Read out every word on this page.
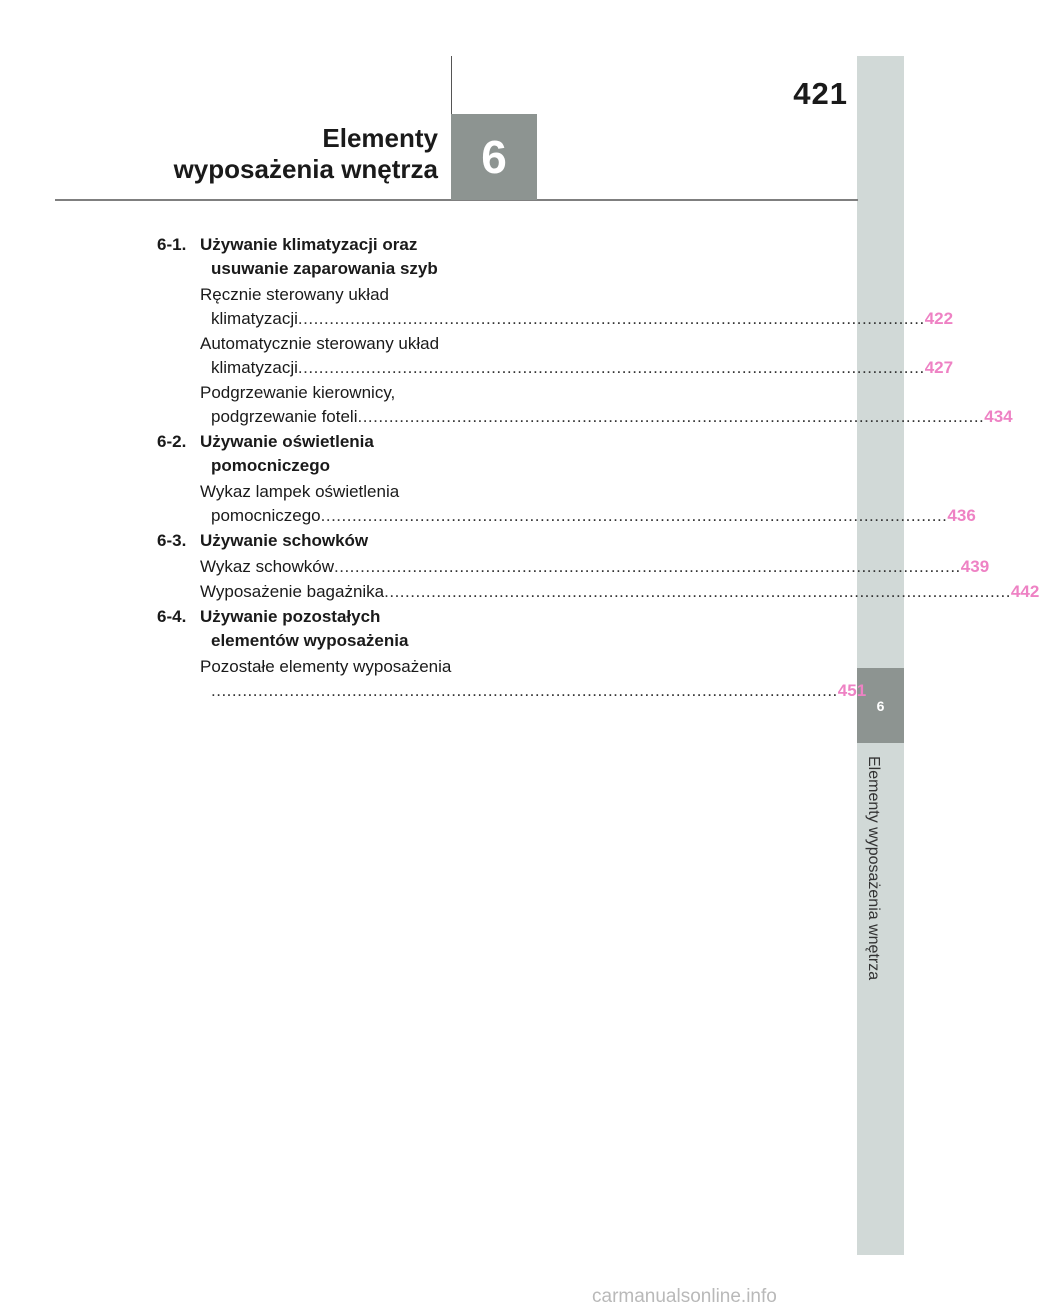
6
Elementy wyposażenia wnętrza
421
Elementy
wyposażenia wnętrza 6
6-1. Używanie klimatyzacji oraz
usuwanie zaparowania szyb
Ręcznie sterowany układ
klimatyzacji ........................................................................................................................ 422
Automatycznie sterowany układ
klimatyzacji ........................................................................................................................ 427
Podgrzewanie kierownicy,
podgrzewanie foteli ........................................................................................................................ 434
6-2. Używanie oświetlenia
pomocniczego
Wykaz lampek oświetlenia
pomocniczego ........................................................................................................................ 436
6-3. Używanie schowków
Wykaz schowków ........................................................................................................................ 439
Wyposażenie bagażnika ........................................................................................................................ 442
6-4. Używanie pozostałych
elementów wyposażenia
Pozostałe elementy wyposażenia
........................................................................................................................ 451
carmanualsonline.info
